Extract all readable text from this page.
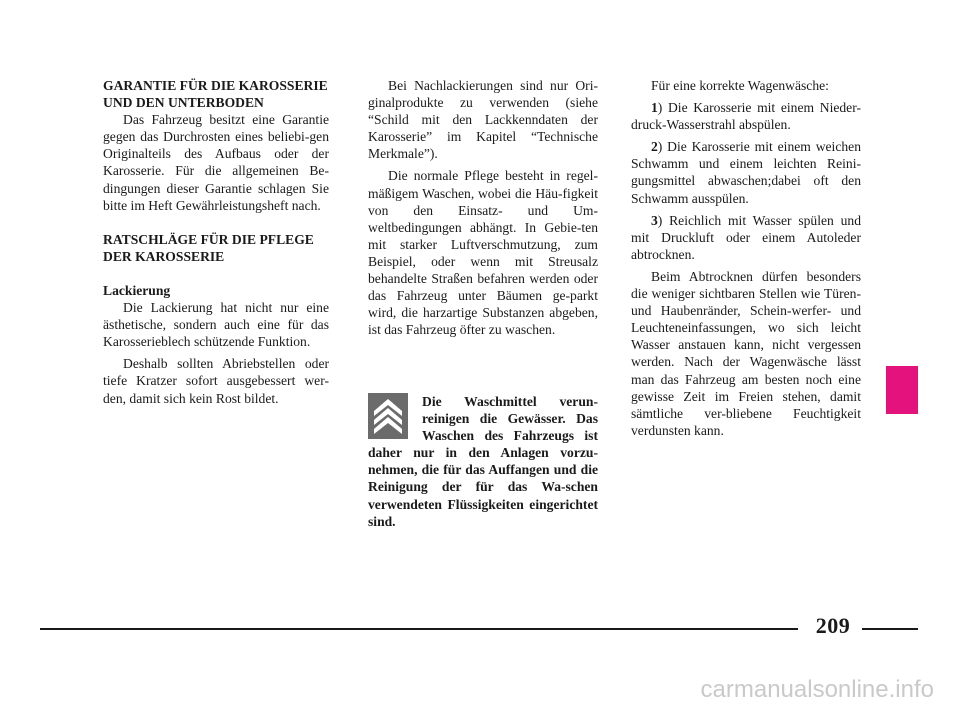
GARANTIE FÜR DIE KAROSSERIE UND DEN UNTERBODEN

Das Fahrzeug besitzt eine Garantie gegen das Durchrosten eines beliebi-gen Originalteils des Aufbaus oder der Karosserie. Für die allgemeinen Be-dingungen dieser Garantie schlagen Sie bitte im Heft Gewährleistungsheft nach.

RATSCHLÄGE FÜR DIE PFLEGE DER KAROSSERIE

Lackierung

Die Lackierung hat nicht nur eine ästhetische, sondern auch eine für das Karosserieblech schützende Funktion.

Deshalb sollten Abriebstellen oder tiefe Kratzer sofort ausgebessert wer-den, damit sich kein Rost bildet.

Bei Nachlackierungen sind nur Ori-ginalprodukte zu verwenden (siehe “Schild mit den Lackkenndaten der Karosserie” im Kapitel “Technische Merkmale”).

Die normale Pflege besteht in regel-mäßigem Waschen, wobei die Häu-figkeit von den Einsatz- und Um-weltbedingungen abhängt. In Gebie-ten mit starker Luftverschmutzung, zum Beispiel, oder wenn mit Streusalz behandelte Straßen befahren werden oder das Fahrzeug unter Bäumen ge-parkt wird, die harzartige Substanzen abgeben, ist das Fahrzeug öfter zu waschen.

Die Waschmittel verun-reinigen die Gewässer. Das Waschen des Fahrzeugs ist daher nur in den Anlagen vorzu-nehmen, die für das Auffangen und die Reinigung der für das Wa-schen verwendeten Flüssigkeiten eingerichtet sind.

Für eine korrekte Wagenwäsche:

1) Die Karosserie mit einem Nieder-druck-Wasserstrahl abspülen.

2) Die Karosserie mit einem weichen Schwamm und einem leichten Reini-gungsmittel abwaschen;dabei oft den Schwamm ausspülen.

3) Reichlich mit Wasser spülen und mit Druckluft oder einem Autoleder abtrocknen.

Beim Abtrocknen dürfen besonders die weniger sichtbaren Stellen wie Türen- und Haubenränder, Schein-werfer- und Leuchteneinfassungen, wo sich leicht Wasser anstauen kann, nicht vergessen werden. Nach der Wagenwäsche lässt man das Fahrzeug am besten noch eine gewisse Zeit im Freien stehen, damit sämtliche ver-bliebene Feuchtigkeit verdunsten kann.

209
carmanualsonline.info
